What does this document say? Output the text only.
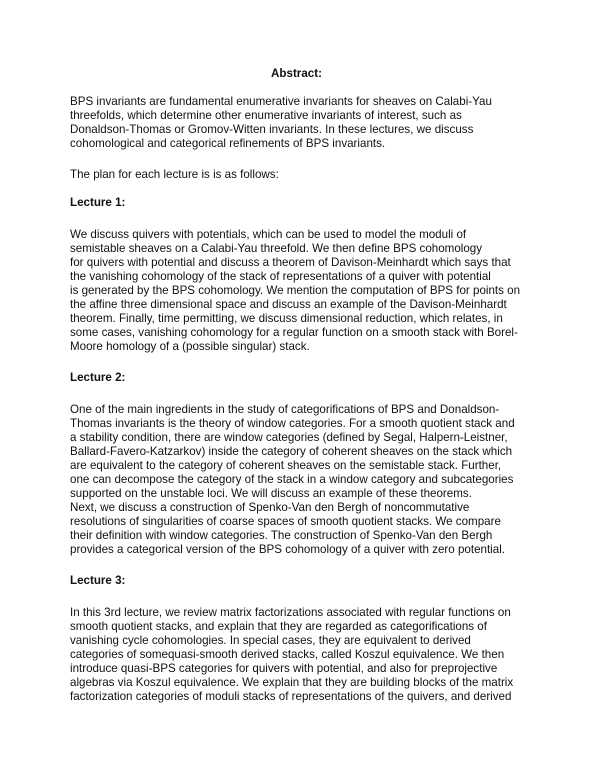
Abstract:
BPS invariants are fundamental enumerative invariants for sheaves on Calabi-Yau
threefolds, which determine other enumerative invariants of interest, such as
Donaldson-Thomas or Gromov-Witten invariants. In these lectures, we discuss
cohomological and categorical refinements of BPS invariants.
The plan for each lecture is is as follows:
Lecture 1:
We discuss quivers with potentials, which can be used to model the moduli of
semistable sheaves on a Calabi-Yau threefold. We then define BPS cohomology
for quivers with potential and discuss a theorem of Davison-Meinhardt which says that
the vanishing cohomology of the stack of representations of a quiver with potential
is generated by the BPS cohomology. We mention the computation of BPS for points on
the affine three dimensional space and discuss an example of the Davison-Meinhardt
theorem. Finally, time permitting, we discuss dimensional reduction, which relates, in
some cases, vanishing cohomology for a regular function on a smooth stack with Borel-
Moore homology of a (possible singular) stack.
Lecture 2:
One of the main ingredients in the study of categorifications of BPS and Donaldson-
Thomas invariants is the theory of window categories. For a smooth quotient stack and
a stability condition, there are window categories (defined by Segal, Halpern-Leistner,
Ballard-Favero-Katzarkov) inside the category of coherent sheaves on the stack which
are equivalent to the category of coherent sheaves on the semistable stack. Further,
one can decompose the category of the stack in a window category and subcategories
supported on the unstable loci. We will discuss an example of these theorems.
Next, we discuss a construction of Spenko-Van den Bergh of noncommutative
resolutions of singularities of coarse spaces of smooth quotient stacks. We compare
their definition with window categories. The construction of Spenko-Van den Bergh
provides a categorical version of the BPS cohomology of a quiver with zero potential.
Lecture 3:
In this 3rd lecture, we review matrix factorizations associated with regular functions on
smooth quotient stacks, and explain that they are regarded as categorifications of
vanishing cycle cohomologies. In special cases, they are equivalent to derived
categories of somequasi-smooth derived stacks, called Koszul equivalence. We then
introduce quasi-BPS categories for quivers with potential, and also for preprojective
algebras via Koszul equivalence. We explain that they are building blocks of the matrix
factorization categories of moduli stacks of representations of the quivers, and derived
